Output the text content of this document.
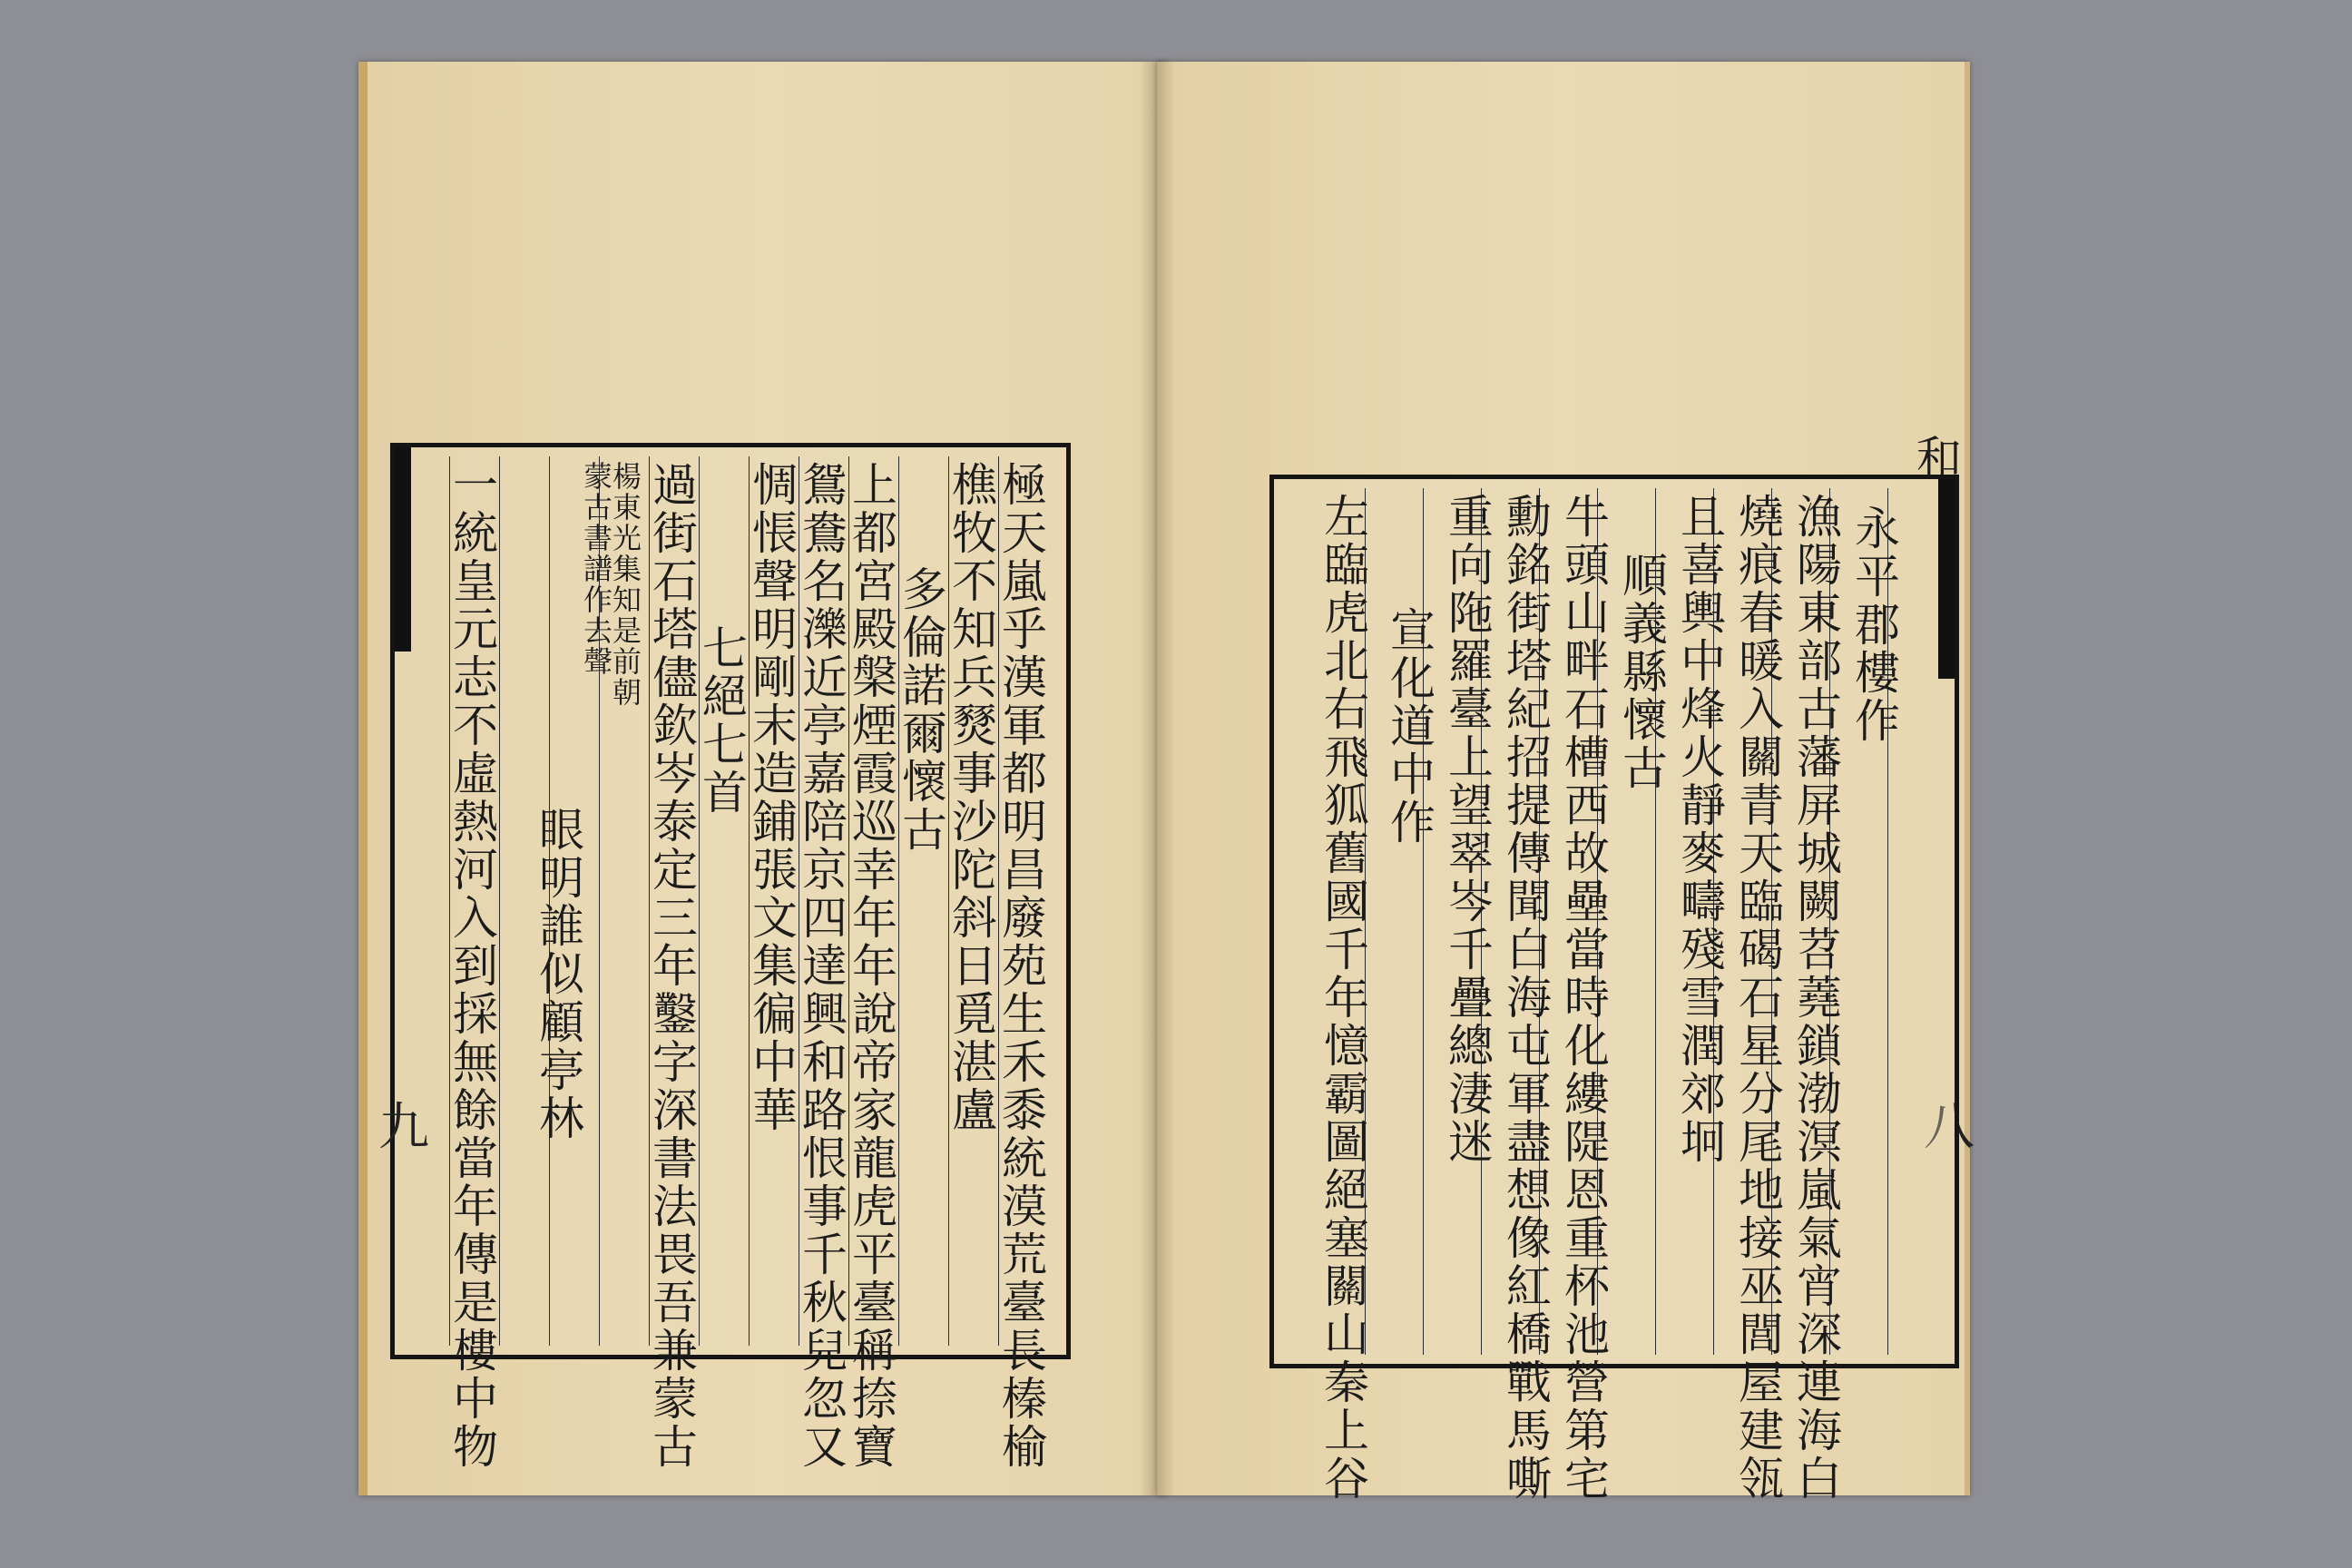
極天嵐乎漢軍都明昌廢苑生禾黍統漠荒臺長榛榆
樵牧不知兵燹事沙陀斜日覓湛盧
多倫諾爾懷古
上都宮殿槃煙霞巡幸年年說帝家龍虎平臺稱捺寶
鴛鴦名濼近亭嘉陪京四達興和路恨事千秋兒忽又
惆悵聲明剛末造鋪張文集徧中華
七絕七首
過街石塔儘欽岑泰定三年鑿字深書法畏吾兼蒙古
楊東光集知是前朝
蒙古書譜作去聲
眼明誰似顧亭林
一統皇元志不虛熱河入到採無餘當年傳是樓中物
九	八
和
永平郡樓作
漁陽東部古藩屏城闕苕蕘鎖渤溟嵐氣宵深連海白
燒痕春暖入關青天臨碣石星分尾地接巫閭屋建瓴
且喜輿中烽火靜麥疇殘雪潤郊坰
順義縣懷古
牛頭山畔石槽西故壘當時化縷隄恩重杯池營第宅
勳銘街塔紀招提傳聞白海屯軍盡想像紅橋戰馬嘶
重向陁羅臺上望翠岑千疊總淒迷
宣化道中作
左臨虎北右飛狐舊國千年憶霸圖絕塞關山秦上谷
